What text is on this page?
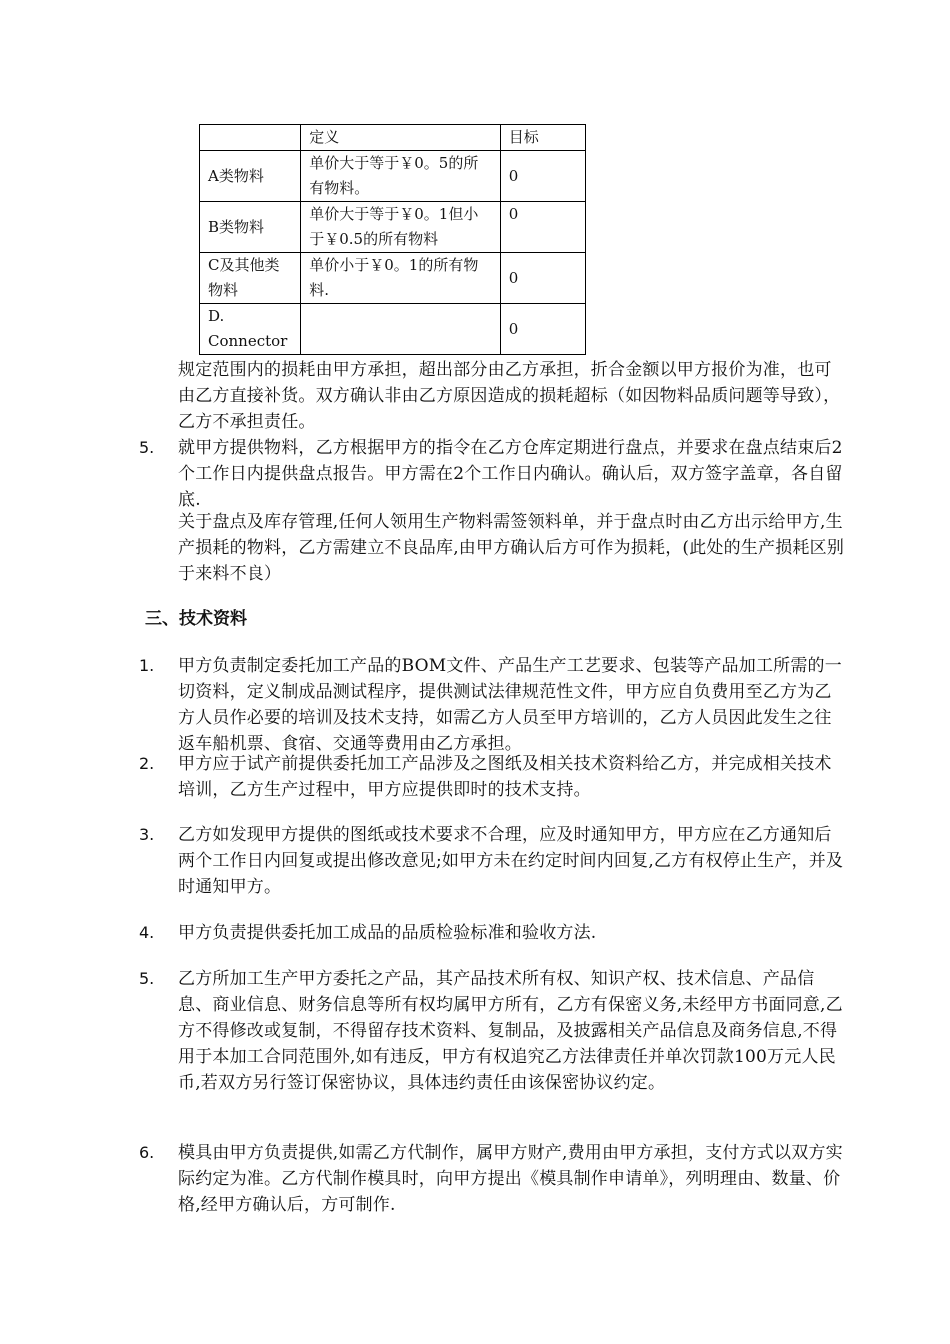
	定义	目标
A类物料	单价大于等于￥0。5的所有物料。	0
B类物料	单价大于等于￥0。1但小于￥0.5的所有物料	0
C及其他类物料	单价小于￥0。1的所有物料.	0
D. Connector		0
规定范围内的损耗由甲方承担，超出部分由乙方承担，折合金额以甲方报价为准，也可由乙方直接补货。双方确认非由乙方原因造成的损耗超标（如因物料品质问题等导致），乙方不承担责任。
5. 就甲方提供物料，乙方根据甲方的指令在乙方仓库定期进行盘点，并要求在盘点结束后2个工作日内提供盘点报告。甲方需在2个工作日内确认。确认后，双方签字盖章，各自留底.
关于盘点及库存管理,任何人领用生产物料需签领料单，并于盘点时由乙方出示给甲方,生产损耗的物料，乙方需建立不良品库,由甲方确认后方可作为损耗，(此处的生产损耗区别于来料不良）
三、技术资料
1. 甲方负责制定委托加工产品的BOM文件、产品生产工艺要求、包装等产品加工所需的一切资料，定义制成品测试程序，提供测试法律规范性文件，甲方应自负费用至乙方为乙方人员作必要的培训及技术支持，如需乙方人员至甲方培训的，乙方人员因此发生之往返车船机票、食宿、交通等费用由乙方承担。
2. 甲方应于试产前提供委托加工产品涉及之图纸及相关技术资料给乙方，并完成相关技术培训，乙方生产过程中，甲方应提供即时的技术支持。
3. 乙方如发现甲方提供的图纸或技术要求不合理，应及时通知甲方，甲方应在乙方通知后两个工作日内回复或提出修改意见;如甲方未在约定时间内回复,乙方有权停止生产，并及时通知甲方。
4. 甲方负责提供委托加工成品的品质检验标准和验收方法.
5. 乙方所加工生产甲方委托之产品，其产品技术所有权、知识产权、技术信息、产品信息、商业信息、财务信息等所有权均属甲方所有，乙方有保密义务,未经甲方书面同意,乙方不得修改或复制，不得留存技术资料、复制品，及披露相关产品信息及商务信息,不得用于本加工合同范围外,如有违反，甲方有权追究乙方法律责任并单次罚款100万元人民币,若双方另行签订保密协议，具体违约责任由该保密协议约定。
6. 模具由甲方负责提供,如需乙方代制作，属甲方财产,费用由甲方承担，支付方式以双方实际约定为准。乙方代制作模具时，向甲方提出《模具制作申请单》，列明理由、数量、价格,经甲方确认后，方可制作.
